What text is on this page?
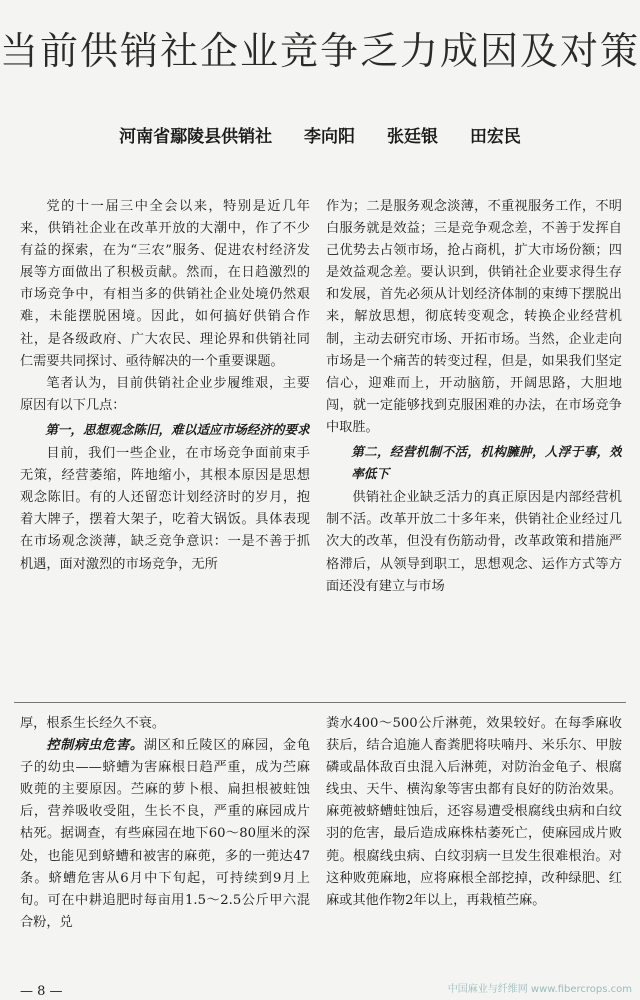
当前供销社企业竞争乏力成因及对策
河南省鄢陵县供销社 李向阳 张廷银 田宏民

党的十一届三中全会以来，特别是近几年来，供销社企业在改革开放的大潮中，作了不少有益的探索，在为“三农”服务、促进农村经济发展等方面做出了积极贡献。然而，在日趋激烈的市场竞争中，有相当多的供销社企业处境仍然艰难，未能摆脱困境。因此，如何搞好供销合作社，是各级政府、广大农民、理论界和供销社同仁需要共同探讨、亟待解决的一个重要课题。

笔者认为，目前供销社企业步履维艰，主要原因有以下几点：

第一，思想观念陈旧，难以适应市场经济的要求

目前，我们一些企业，在市场竞争面前束手无策，经营萎缩，阵地缩小，其根本原因是思想观念陈旧。有的人还留恋计划经济时的岁月，抱着大牌子，摆着大架子，吃着大锅饭。具体表现在市场观念淡薄，缺乏竞争意识：一是不善于抓机遇，面对激烈的市场竞争，无所

作为；二是服务观念淡薄，不重视服务工作，不明白服务就是效益；三是竞争观念差，不善于发挥自己优势去占领市场，抢占商机，扩大市场份额；四是效益观念差。要认识到，供销社企业要求得生存和发展，首先必须从计划经济体制的束缚下摆脱出来，解放思想，彻底转变观念，转换企业经营机制，主动去研究市场、开拓市场。当然，企业走向市场是一个痛苦的转变过程，但是，如果我们坚定信心，迎难而上，开动脑筋，开阔思路，大胆地闯，就一定能够找到克服困难的办法，在市场竞争中取胜。

第二，经营机制不活，机构臃肿，人浮于事，效率低下

供销社企业缺乏活力的真正原因是内部经营机制不活。改革开放二十多年来，供销社企业经过几次大的改革，但没有伤筋动骨，改革政策和措施严格滞后，从领导到职工，思想观念、运作方式等方面还没有建立与市场

厚，根系生长经久不衰。

控制病虫危害。湖区和丘陵区的麻园，金龟子的幼虫——蛴螬为害麻根日趋严重，成为苎麻败蔸的主要原因。苎麻的萝卜根、扁担根被蛀蚀后，营养吸收受阻，生长不良，严重的麻园成片枯死。据调查，有些麻园在地下60～80厘米的深处，也能见到蛴螬和被害的麻蔸，多的一蔸达47条。蛴螬危害从6月中下旬起，可持续到9月上旬。可在中耕追肥时每亩用1.5～2.5公斤甲六混合粉，兑

粪水400～500公斤淋蔸，效果较好。在每季麻收获后，结合追施人畜粪肥将呋喃丹、米乐尔、甲胺磷或晶体敌百虫混入后淋蔸，对防治金龟子、根腐线虫、天牛、横沟象等害虫都有良好的防治效果。麻蔸被蛴螬蛀蚀后，还容易遭受根腐线虫病和白纹羽的危害，最后造成麻株枯萎死亡，使麻园成片败蔸。根腐线虫病、白纹羽病一旦发生很难根治。对这种败蔸麻地，应将麻根全部挖掉，改种绿肥、红麻或其他作物2年以上，再栽植苎麻。

— 8 —	中国麻业与纤维网 www.fibercrops.com
